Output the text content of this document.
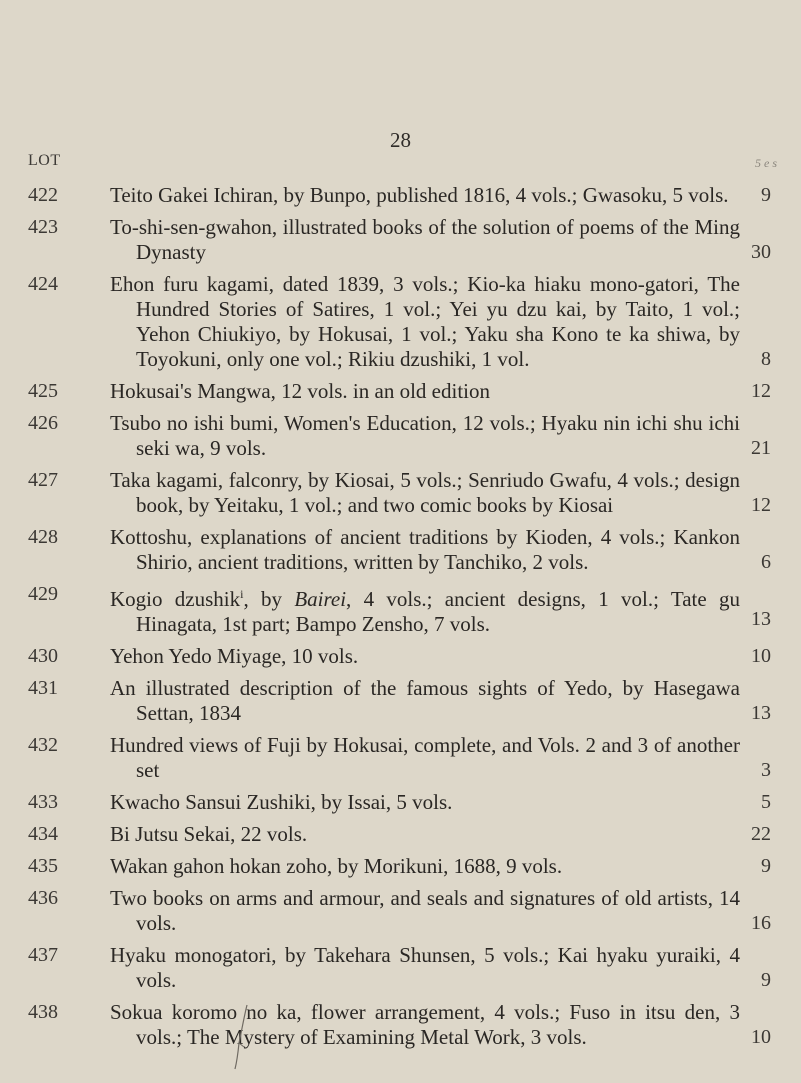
28
LOT	5 e s
422 Teito Gakei Ichiran, by Bunpo, published 1816, 4 vols.; Gwasoku, 5 vols.	9
423 To-shi-sen-gwahon, illustrated books of the solution of poems of the Ming Dynasty	30
424 Ehon furu kagami, dated 1839, 3 vols.; Kio-ka hiaku mono-gatori, The Hundred Stories of Satires, 1 vol.; Yei yu dzu kai, by Taito, 1 vol.; Yehon Chiukiyo, by Hokusai, 1 vol.; Yaku sha Kono te ka shiwa, by Toyokuni, only one vol.; Rikiu dzushiki, 1 vol.	8
425 Hokusai's Mangwa, 12 vols. in an old edition	12
426 Tsubo no ishi bumi, Women's Education, 12 vols.; Hyaku nin ichi shu ichi seki wa, 9 vols.	21
427 Taka kagami, falconry, by Kiosai, 5 vols.; Senriudo Gwafu, 4 vols.; design book, by Yeitaku, 1 vol.; and two comic books by Kiosai	12
428 Kottoshu, explanations of ancient traditions by Kioden, 4 vols.; Kankon Shirio, ancient traditions, written by Tanchiko, 2 vols.	6
429 Kogio dzushik$^i$, by Bairei, 4 vols.; ancient designs, 1 vol.; Tate gu Hinagata, 1st part; Bampo Zensho, 7 vols.	13
430 Yehon Yedo Miyage, 10 vols.	10
431 An illustrated description of the famous sights of Yedo, by Hasegawa Settan, 1834	13
432 Hundred views of Fuji by Hokusai, complete, and Vols. 2 and 3 of another set	3
433 Kwacho Sansui Zushiki, by Issai, 5 vols.	5
434 Bi Jutsu Sekai, 22 vols.	22
435 Wakan gahon hokan zoho, by Morikuni, 1688, 9 vols.	9
436 Two books on arms and armour, and seals and signatures of old artists, 14 vols.	16
437 Hyaku monogatori, by Takehara Shunsen, 5 vols.; Kai hyaku yuraiki, 4 vols.	9
438 Sokua koromo no ka, flower arrangement, 4 vols.; Fuso in itsu den, 3 vols.; The Mystery of Examining Metal Work, 3 vols.	10
